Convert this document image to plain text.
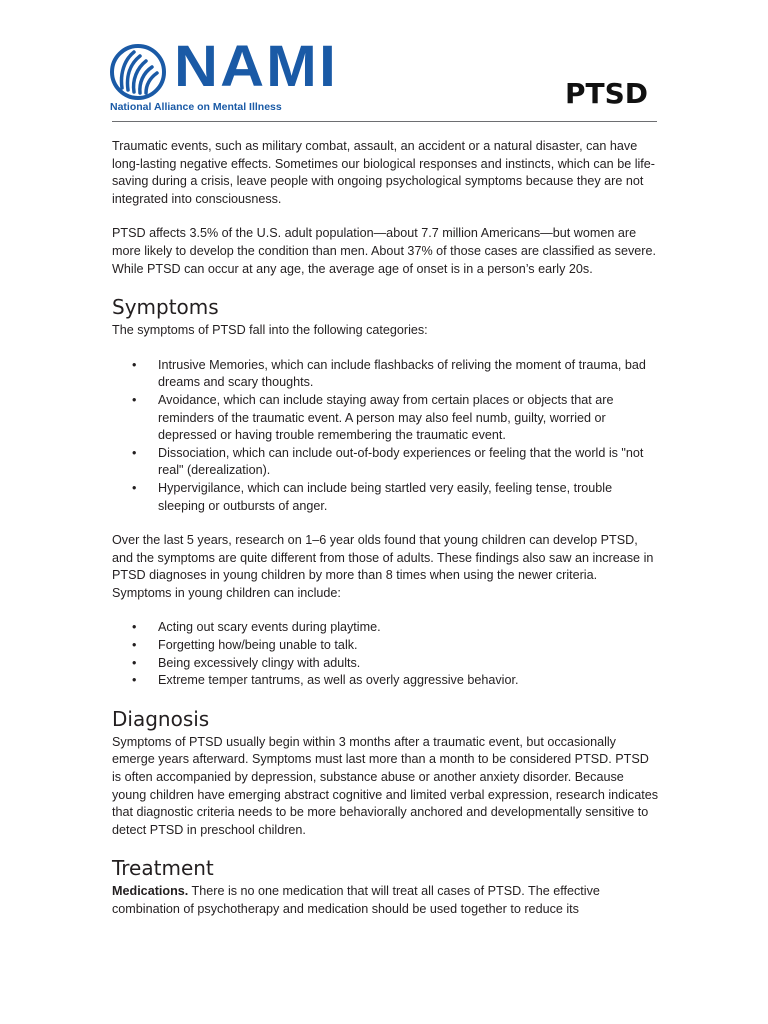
NAMI
National Alliance on Mental Illness	PTSD

Traumatic events, such as military combat, assault, an accident or a natural disaster, can have long-lasting negative effects. Sometimes our biological responses and instincts, which can be life-saving during a crisis, leave people with ongoing psychological symptoms because they are not integrated into consciousness.

PTSD affects 3.5% of the U.S. adult population—about 7.7 million Americans—but women are more likely to develop the condition than men. About 37% of those cases are classified as severe. While PTSD can occur at any age, the average age of onset is in a person’s early 20s.

Symptoms

The symptoms of PTSD fall into the following categories:

• Intrusive Memories, which can include flashbacks of reliving the moment of trauma, bad dreams and scary thoughts.
• Avoidance, which can include staying away from certain places or objects that are reminders of the traumatic event. A person may also feel numb, guilty, worried or depressed or having trouble remembering the traumatic event.
• Dissociation, which can include out-of-body experiences or feeling that the world is "not real" (derealization).
• Hypervigilance, which can include being startled very easily, feeling tense, trouble sleeping or outbursts of anger.

Over the last 5 years, research on 1–6 year olds found that young children can develop PTSD, and the symptoms are quite different from those of adults. These findings also saw an increase in PTSD diagnoses in young children by more than 8 times when using the newer criteria. Symptoms in young children can include:

• Acting out scary events during playtime.
• Forgetting how/being unable to talk.
• Being excessively clingy with adults.
• Extreme temper tantrums, as well as overly aggressive behavior.
Diagnosis

Symptoms of PTSD usually begin within 3 months after a traumatic event, but occasionally emerge years afterward. Symptoms must last more than a month to be considered PTSD. PTSD is often accompanied by depression, substance abuse or another anxiety disorder. Because young children have emerging abstract cognitive and limited verbal expression, research indicates that diagnostic criteria needs to be more behaviorally anchored and developmentally sensitive to detect PTSD in preschool children.

Treatment

Medications. There is no one medication that will treat all cases of PTSD. The effective combination of psychotherapy and medication should be used together to reduce its
